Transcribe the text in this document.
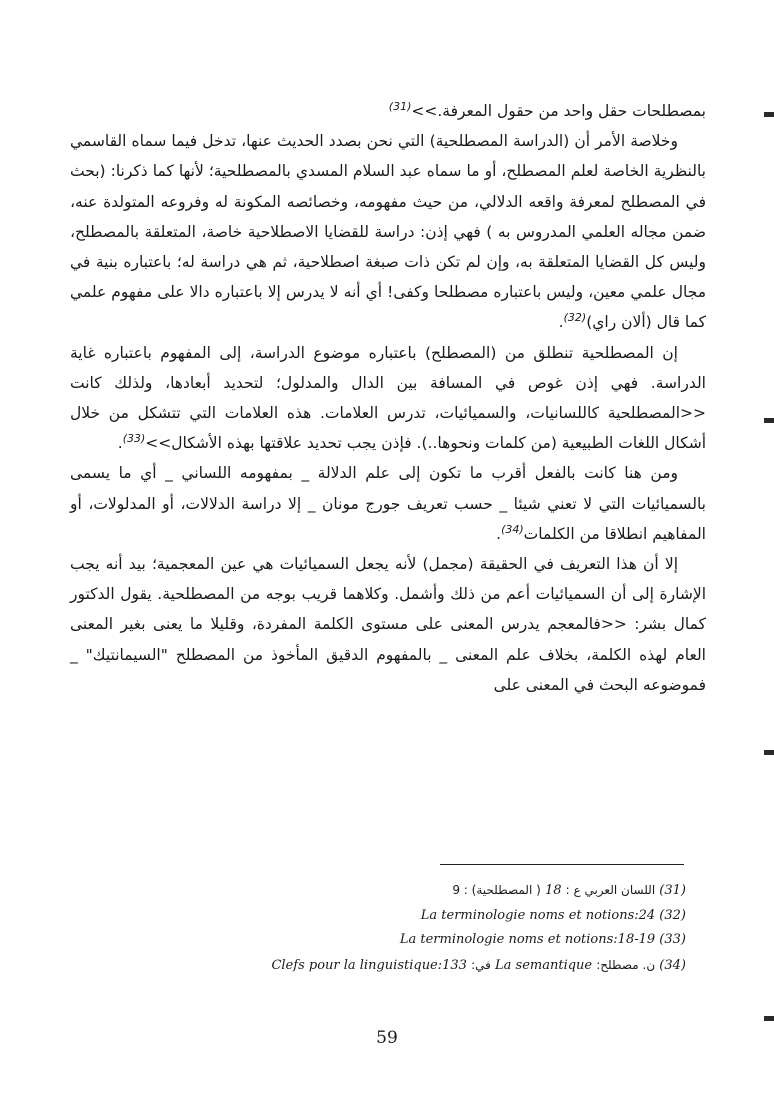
بمصطلحات حقل واحد من حقول المعرفة.>>$^{(31)}$

وخلاصة الأمر أن (الدراسة المصطلحية) التي نحن بصدد الحديث عنها، تدخل فيما سماه القاسمي بالنظرية الخاصة لعلم المصطلح، أو ما سماه عبد السلام المسدي بالمصطلحية؛ لأنها كما ذكرنا: (بحث في المصطلح لمعرفة واقعه الدلالي، من حيث مفهومه، وخصائصه المكونة له وفروعه المتولدة عنه، ضمن مجاله العلمي المدروس به ) فهي إذن: دراسة للقضايا الاصطلاحية خاصة، المتعلقة بالمصطلح، وليس كل القضايا المتعلقة به، وإن لم تكن ذات صبغة اصطلاحية، ثم هي دراسة له؛ باعتباره بنية في مجال علمي معين، وليس باعتباره مصطلحا وكفى! أي أنه لا يدرس إلا باعتباره دالا على مفهوم علمي كما قال (ألان راي)$^{(32)}$.

إن المصطلحية تنطلق من (المصطلح) باعتباره موضوع الدراسة، إلى المفهوم باعتباره غاية الدراسة. فهي إذن غوص في المسافة بين الدال والمدلول؛ لتحديد أبعادها، ولذلك كانت <<المصطلحية كاللسانيات، والسميائيات، تدرس العلامات. هذه العلامات التي تتشكل من خلال أشكال اللغات الطبيعية (من كلمات ونحوها..). فإذن يجب تحديد علاقتها بهذه الأشكال>>$^{(33)}$.

ومن هنا كانت بالفعل أقرب ما تكون إلى علم الدلالة _ بمفهومه اللساني _ أي ما يسمى بالسميائيات التي لا تعني شيئا _ حسب تعريف جورج مونان _ إلا دراسة الدلالات، أو المدلولات، أو المفاهيم انطلاقا من الكلمات$^{(34)}$.

إلا أن هذا التعريف في الحقيقة (مجمل) لأنه يجعل السميائيات هي عين المعجمية؛ بيد أنه يجب الإشارة إلى أن السميائيات أعم من ذلك وأشمل. وكلاهما قريب بوجه من المصطلحية. يقول الدكتور كمال بشر: <<فالمعجم يدرس المعنى على مستوى الكلمة المفردة، وقليلا ما يعنى بغير المعنى العام لهذه الكلمة، بخلاف علم المعنى _ بالمفهوم الدقيق المأخوذ من المصطلح "السيمانتيك" _ فموضوعه البحث في المعنى على

(31) اللسان العربي ع : 18 ( المصطلحية) : 9
(32) La terminologie noms et notions:24
(33) La terminologie noms et notions:18-19
(34) ن. مصطلح: La semantique في: Clefs pour la linguistique:133
59
